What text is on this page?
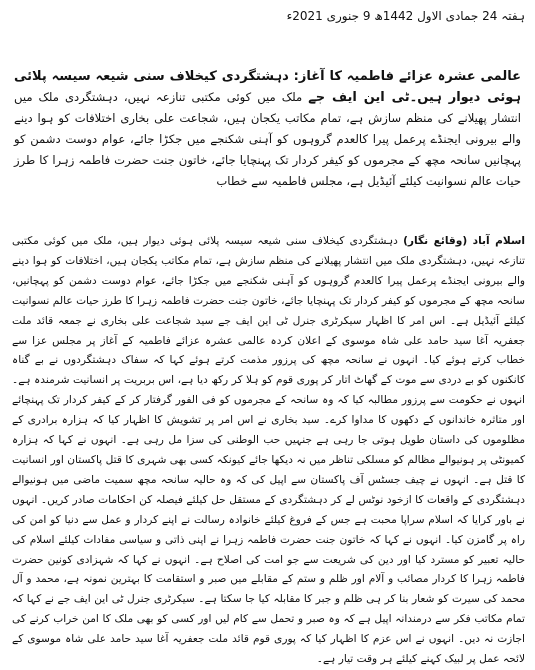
ہفتہ 24 جمادی الاول 1442ھ 9 جنوری 2021ء

عالمی عشرہ عزائے فاطمیہ کا آغاز: دہشتگردی کیخلاف سنی شیعہ سیسہ پلائی ہوئی دیوار ہیں۔ٹی این ایف جے ملک میں کوئی مکتبی تنازعہ نہیں، دہشتگردی ملک میں انتشار پھیلانے کی منظم سازش ہے، تمام مکاتب یکجان ہیں، شجاعت علی بخاری اختلافات کو ہوا دینے والے بیرونی ایجنڈے پرعمل پیرا کالعدم گروہوں کو آہنی شکنجے میں جکڑا جائے، عوام دوست دشمن کو پہچانیں سانحہ مچھ کے مجرموں کو کیفر کردار تک پہنچایا جائے، خاتون جنت حضرت فاطمہ زہرا کا طرز حیات عالم نسوانیت کیلئے آئیڈیل ہے، مجلس فاطمیہ سے خطاب

اسلام آباد (وقائع نگار) دہشتگردی کیخلاف سنی شیعہ سیسہ پلائی ہوئی دیوار ہیں، ملک میں کوئی مکتبی تنازعہ نہیں، دہشتگردی ملک میں انتشار پھیلانے کی منظم سازش ہے، تمام مکاتب یکجان ہیں، اختلافات کو ہوا دینے والے بیرونی ایجنڈے پرعمل پیرا کالعدم گروہوں کو آہنی شکنجے میں جکڑا جائے، عوام دوست دشمن کو پہچانیں، سانحہ مچھ کے مجرموں کو کیفر کردار تک پہنچایا جائے، خاتون جنت حضرت فاطمہ زہرا کا طرز حیات عالم نسوانیت کیلئے آئیڈیل ہے۔ اس امر کا اظہار سیکرٹری جنرل ٹی این ایف جے سید شجاعت علی بخاری نے جمعہ قائد ملت جعفریہ آغا سید حامد علی شاہ موسوی کے اعلان کردہ عالمی عشرہ عزائے فاطمیہ کے آغاز پر مجلس عزا سے خطاب کرتے ہوئے کیا۔ انہوں نے سانحہ مچھ کی پرزور مذمت کرتے ہوئے کہا کہ سفاک دہشتگردوں نے بے گناہ کانکنوں کو بے دردی سے موت کے گھاٹ اتار کر پوری قوم کو ہلا کر رکھ دیا ہے، اس بربریت پر انسانیت شرمندہ ہے۔ انہوں نے حکومت سے پرزور مطالبہ کیا کہ وہ سانحہ کے مجرموں کو فی الفور گرفتار کر کے کیفر کردار تک پہنچائے اور متاثرہ خاندانوں کے دکھوں کا مداوا کرے۔ سید بخاری نے اس امر پر تشویش کا اظہار کیا کہ ہزارہ برادری کے مظلوموں کی داستان طویل ہوتی جا رہی ہے جنہیں حب الوطنی کی سزا مل رہی ہے۔ انہوں نے کہا کہ ہزارہ کمیونٹی پر ہونیوالے مظالم کو مسلکی تناظر میں نہ دیکھا جائے کیونکہ کسی بھی شہری کا قتل پاکستان اور انسانیت کا قتل ہے۔ انہوں نے چیف جسٹس آف پاکستان سے اپیل کی کہ وہ حالیہ سانحہ مچھ سمیت ماضی میں ہونیوالے دہشتگردی کے واقعات کا ازخود نوٹس لے کر دہشتگردی کے مستقل حل کیلئے فیصلہ کن احکامات صادر کریں۔ انہوں نے باور کرایا کہ اسلام سراپا محبت ہے جس کے فروغ کیلئے خانوادہ رسالت نے اپنے کردار و عمل سے دنیا کو امن کی راہ پر گامزن کیا۔ انہوں نے کہا کہ خاتون جنت حضرت فاطمہ زہرا نے اپنی ذاتی و سیاسی مفادات کیلئے اسلام کی حالیہ تعبیر کو مسترد کیا اور دین کی شریعت سے جو امت کی اصلاح ہے۔ انہوں نے کہا کہ شہزادی کونین حضرت فاطمہ زہرا کا کردار مصائب و آلام اور ظلم و ستم کے مقابلے میں صبر و استقامت کا بہترین نمونہ ہے، محمد و آل محمد کی سیرت کو شعار بنا کر ہی ظلم و جبر کا مقابلہ کیا جا سکتا ہے۔ سیکرٹری جنرل ٹی این ایف جے نے کہا کہ تمام مکاتب فکر سے درمندانہ اپیل ہے کہ وہ صبر و تحمل سے کام لیں اور کسی کو بھی ملک کا امن خراب کرنے کی اجازت نہ دیں۔ انہوں نے اس عزم کا اظہار کیا کہ پوری قوم قائد ملت جعفریہ آغا سید حامد علی شاہ موسوی کے لائحہ عمل پر لبیک کہنے کیلئے ہر وقت تیار ہے۔
